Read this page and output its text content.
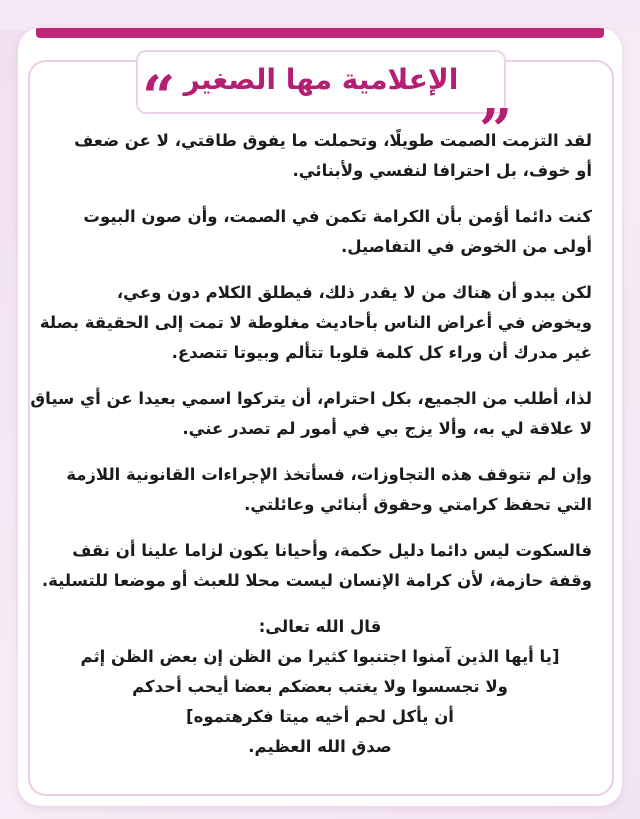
الإعلامية مها الصغير
“	„
لقد التزمت الصمت طويلًا، وتحملت ما يفوق طاقتي، لا عن ضعف
أو خوف، بل احترافا لنفسي ولأبنائي.
كنت دائما أؤمن بأن الكرامة تكمن في الصمت، وأن صون البيوت
أولى من الخوض في التفاصيل.
لكن يبدو أن هناك من لا يقدر ذلك، فيطلق الكلام دون وعي،
ويخوض في أعراض الناس بأحاديث مغلوطة لا تمت إلى الحقيقة بصلة
غير مدرك أن وراء كل كلمة قلوبا تتألم وبيوتا تتصدع.
لذا، أطلب من الجميع، بكل احترام، أن يتركوا اسمي بعيدا عن أي سياق
لا علاقة لي به، وألا يزج بي في أمور لم تصدر عني.
وإن لم تتوقف هذه التجاوزات، فسأتخذ الإجراءات القانونية اللازمة
التي تحفظ كرامتي وحقوق أبنائي وعائلتي.
فالسكوت ليس دائما دليل حكمة، وأحيانا يكون لزاما علينا أن نقف
وقفة حازمة، لأن كرامة الإنسان ليست محلا للعبث أو موضعا للتسلية.
قال الله تعالى:
[يا أيها الذين آمنوا اجتنبوا كثيرا من الظن إن بعض الظن إثم
ولا تجسسوا ولا يغتب بعضكم بعضا أيحب أحدكم
أن يأكل لحم أخيه ميتا فكرهتموه]
صدق الله العظيم.
